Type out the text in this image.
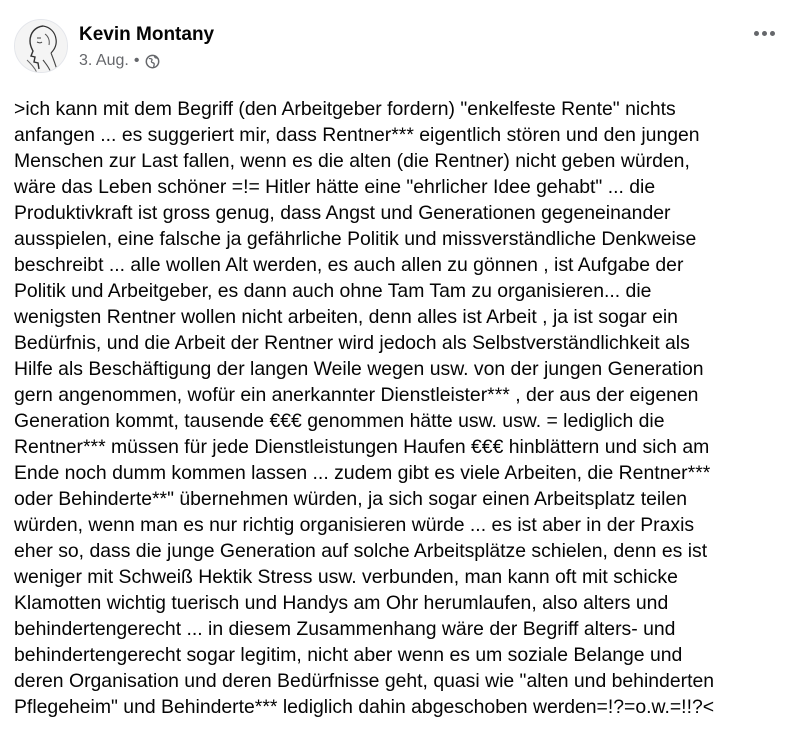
Kevin Montany
3. Aug. •
>ich kann mit dem Begriff (den Arbeitgeber fordern) "enkelfeste Rente" nichts
anfangen ... es suggeriert mir, dass Rentner*** eigentlich stören und den jungen
Menschen zur Last fallen, wenn es die alten (die Rentner) nicht geben würden,
wäre das Leben schöner =!= Hitler hätte eine "ehrlicher Idee gehabt" ... die
Produktivkraft ist gross genug, dass Angst und Generationen gegeneinander
ausspielen, eine falsche ja gefährliche Politik und missverständliche Denkweise
beschreibt ... alle wollen Alt werden, es auch allen zu gönnen , ist Aufgabe der
Politik und Arbeitgeber, es dann auch ohne Tam Tam zu organisieren... die
wenigsten Rentner wollen nicht arbeiten, denn alles ist Arbeit , ja ist sogar ein
Bedürfnis, und die Arbeit der Rentner wird jedoch als Selbstverständlichkeit als
Hilfe als Beschäftigung der langen Weile wegen usw. von der jungen Generation
gern angenommen, wofür ein anerkannter Dienstleister*** , der aus der eigenen
Generation kommt, tausende €€€ genommen hätte usw. usw. = lediglich die
Rentner*** müssen für jede Dienstleistungen Haufen €€€ hinblättern und sich am
Ende noch dumm kommen lassen ... zudem gibt es viele Arbeiten, die Rentner***
oder Behinderte**" übernehmen würden, ja sich sogar einen Arbeitsplatz teilen
würden, wenn man es nur richtig organisieren würde ... es ist aber in der Praxis
eher so, dass die junge Generation auf solche Arbeitsplätze schielen, denn es ist
weniger mit Schweiß Hektik Stress usw. verbunden, man kann oft mit schicke
Klamotten wichtig tuerisch und Handys am Ohr herumlaufen, also alters und
behindertengerecht ... in diesem Zusammenhang wäre der Begriff alters- und
behindertengerecht sogar legitim, nicht aber wenn es um soziale Belange und
deren Organisation und deren Bedürfnisse geht, quasi wie "alten und behinderten
Pflegeheim" und Behinderte*** lediglich dahin abgeschoben werden=!?=o.w.=!!?<
